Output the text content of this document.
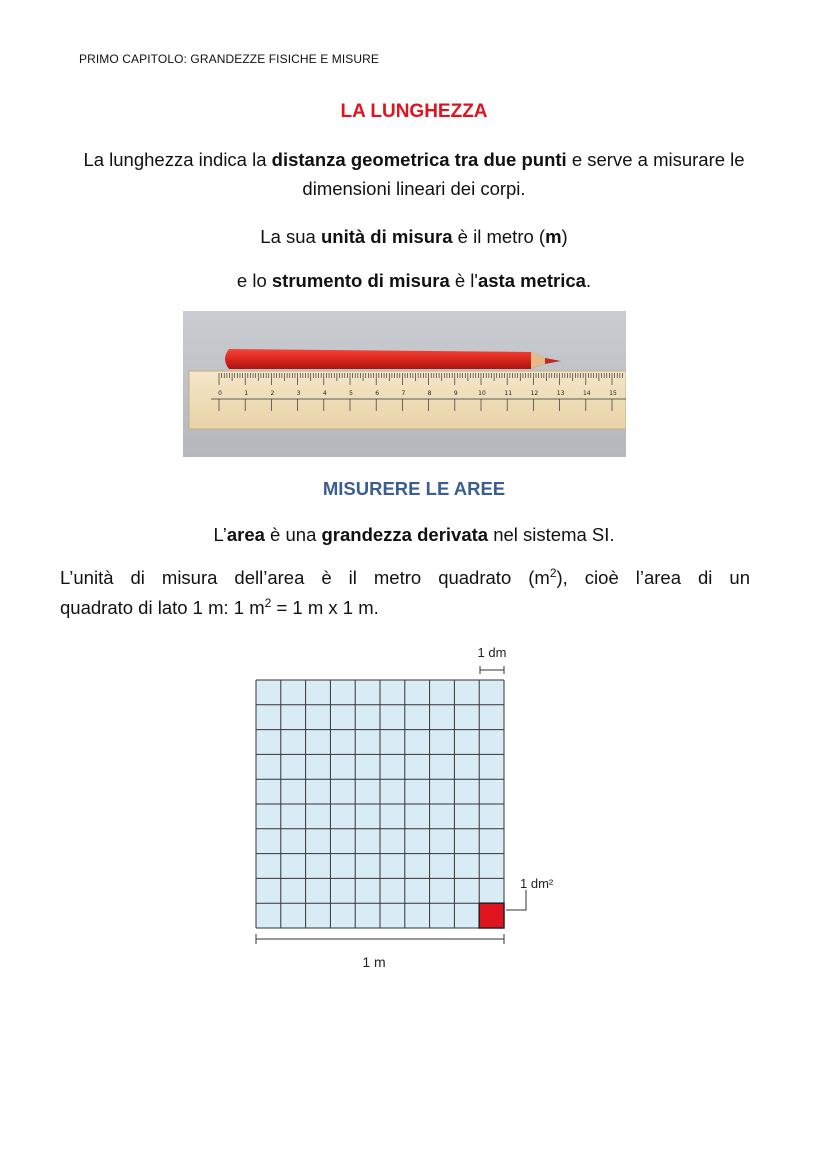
PRIMO CAPITOLO: GRANDEZZE FISICHE E MISURE
LA LUNGHEZZA
La lunghezza indica la distanza geometrica tra due punti e serve a misurare le dimensioni lineari dei corpi.
La sua unità di misura è il metro (m)
e lo strumento di misura è l'asta metrica.
0	1	2	3	4	5	6	7	8	9	10	11	12	13	14	15
MISURERE LE AREE
L’area è una grandezza derivata nel sistema SI.
L’unità di misura dell’area è il metro quadrato $(m^2)$, cioè l’area di un
quadrato di lato 1 m: 1 $m^2 = 1$ m x 1 m.
1 dm
1 dm²
1 m
